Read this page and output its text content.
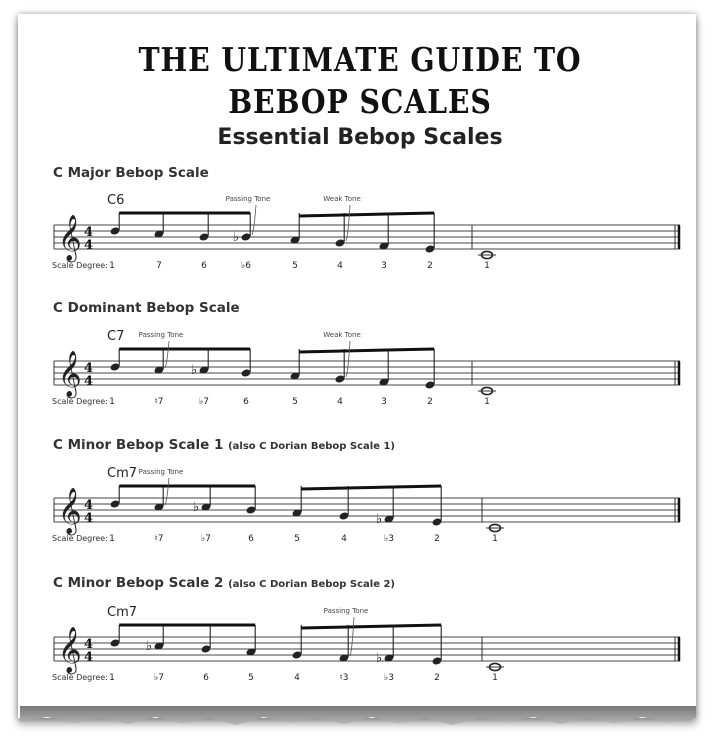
THE ULTIMATE GUIDE TO
BEBOP SCALES
Essential Bebop Scales
C Major Bebop Scale
C Dominant Bebop Scale
C Minor Bebop Scale 1 (also C Dorian Bebop Scale 1)
C Minor Bebop Scale 2 (also C Dorian Bebop Scale 2)
𝄞 4
4
C6
♭
Passing Tone	Weak Tone
Scale Degree: 1	7	6	♭6	5	4	3	2	1
𝄞 4
4
C7
♭
Passing Tone	Weak Tone
Scale Degree: 1	♮7	♭7	6	5	4	3	2	1
𝄞 4
4
Cm7
♭
♭
Passing Tone
Scale Degree: 1	♮7	♭7	6	5	4	♭3	2	1
𝄞 4
4
Cm7
♭
♭
Passing Tone
Scale Degree: 1	♭7	6	5	4	♮3	♭3	2	1
